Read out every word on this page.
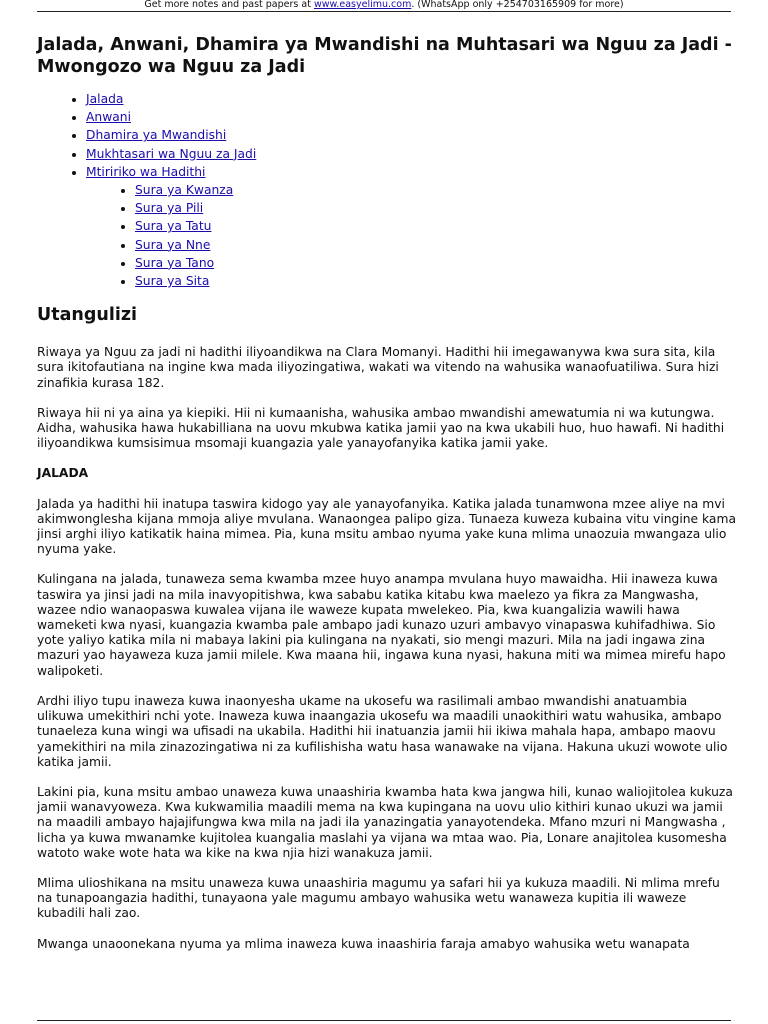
Get more notes and past papers at www.easyelimu.com. (WhatsApp only +254703165909 for more)
Jalada, Anwani, Dhamira ya Mwandishi na Muhtasari wa Nguu za Jadi - Mwongozo wa Nguu za Jadi
• Jalada
• Anwani
• Dhamira ya Mwandishi
• Mukhtasari wa Nguu za Jadi
• Mtiririko wa Hadithi
• Sura ya Kwanza
• Sura ya Pili
• Sura ya Tatu
• Sura ya Nne
• Sura ya Tano
• Sura ya Sita
Utangulizi

Riwaya ya Nguu za jadi ni hadithi iliyoandikwa na Clara Momanyi. Hadithi hii imegawanywa kwa sura sita, kila sura ikitofautiana na ingine kwa mada iliyozingatiwa, wakati wa vitendo na wahusika wanaofuatiliwa. Sura hizi zinafikia kurasa 182.

Riwaya hii ni ya aina ya kiepiki. Hii ni kumaanisha, wahusika ambao mwandishi amewatumia ni wa kutungwa. Aidha, wahusika hawa hukabilliana na uovu mkubwa katika jamii yao na kwa ukabili huo, huo hawafi. Ni hadithi iliyoandikwa kumsisimua msomaji kuangazia yale yanayofanyika katika jamii yake.

JALADA

Jalada ya hadithi hii inatupa taswira kidogo yay ale yanayofanyika. Katika jalada tunamwona mzee aliye na mvi akimwonglesha kijana mmoja aliye mvulana. Wanaongea palipo giza. Tunaeza kuweza kubaina vitu vingine kama jinsi arghi iliyo katikatik haina mimea. Pia, kuna msitu ambao nyuma yake kuna mlima unaozuia mwangaza ulio nyuma yake.

Kulingana na jalada, tunaweza sema kwamba mzee huyo anampa mvulana huyo mawaidha. Hii inaweza kuwa taswira ya jinsi jadi na mila inavyopitishwa, kwa sababu katika kitabu kwa maelezo ya fikra za Mangwasha, wazee ndio wanaopaswa kuwalea vijana ile waweze kupata mwelekeo. Pia, kwa kuangalizia wawili hawa wameketi kwa nyasi, kuangazia kwamba pale ambapo jadi kunazo uzuri ambavyo vinapaswa kuhifadhiwa. Sio yote yaliyo katika mila ni mabaya lakini pia kulingana na nyakati, sio mengi mazuri. Mila na jadi ingawa zina mazuri yao hayaweza kuza jamii milele. Kwa maana hii, ingawa kuna nyasi, hakuna miti wa mimea mirefu hapo walipoketi.

Ardhi iliyo tupu inaweza kuwa inaonyesha ukame na ukosefu wa rasilimali ambao mwandishi anatuambia ulikuwa umekithiri nchi yote. Inaweza kuwa inaangazia ukosefu wa maadili unaokithiri watu wahusika, ambapo tunaeleza kuna wingi wa ufisadi na ukabila. Hadithi hii inatuanzia jamii hii ikiwa mahala hapa, ambapo maovu yamekithiri na mila zinazozingatiwa ni za kufilishisha watu hasa wanawake na vijana. Hakuna ukuzi wowote ulio katika jamii.

Lakini pia, kuna msitu ambao unaweza kuwa unaashiria kwamba hata kwa jangwa hili, kunao waliojitolea kukuza jamii wanavyoweza. Kwa kukwamilia maadili mema na kwa kupingana na uovu ulio kithiri kunao ukuzi wa jamii na maadili ambayo hajajifungwa kwa mila na jadi ila yanazingatia yanayotendeka. Mfano mzuri ni Mangwasha , licha ya kuwa mwanamke kujitolea kuangalia maslahi ya vijana wa mtaa wao. Pia, Lonare anajitolea kusomesha watoto wake wote hata wa kike na kwa njia hizi wanakuza jamii.

Mlima ulioshikana na msitu unaweza kuwa unaashiria magumu ya safari hii ya kukuza maadili. Ni mlima mrefu na tunapoangazia hadithi, tunayaona yale magumu ambayo wahusika wetu wanaweza kupitia ili waweze kubadili hali zao.

Mwanga unaoonekana nyuma ya mlima inaweza kuwa inaashiria faraja amabyo wahusika wetu wanapata
